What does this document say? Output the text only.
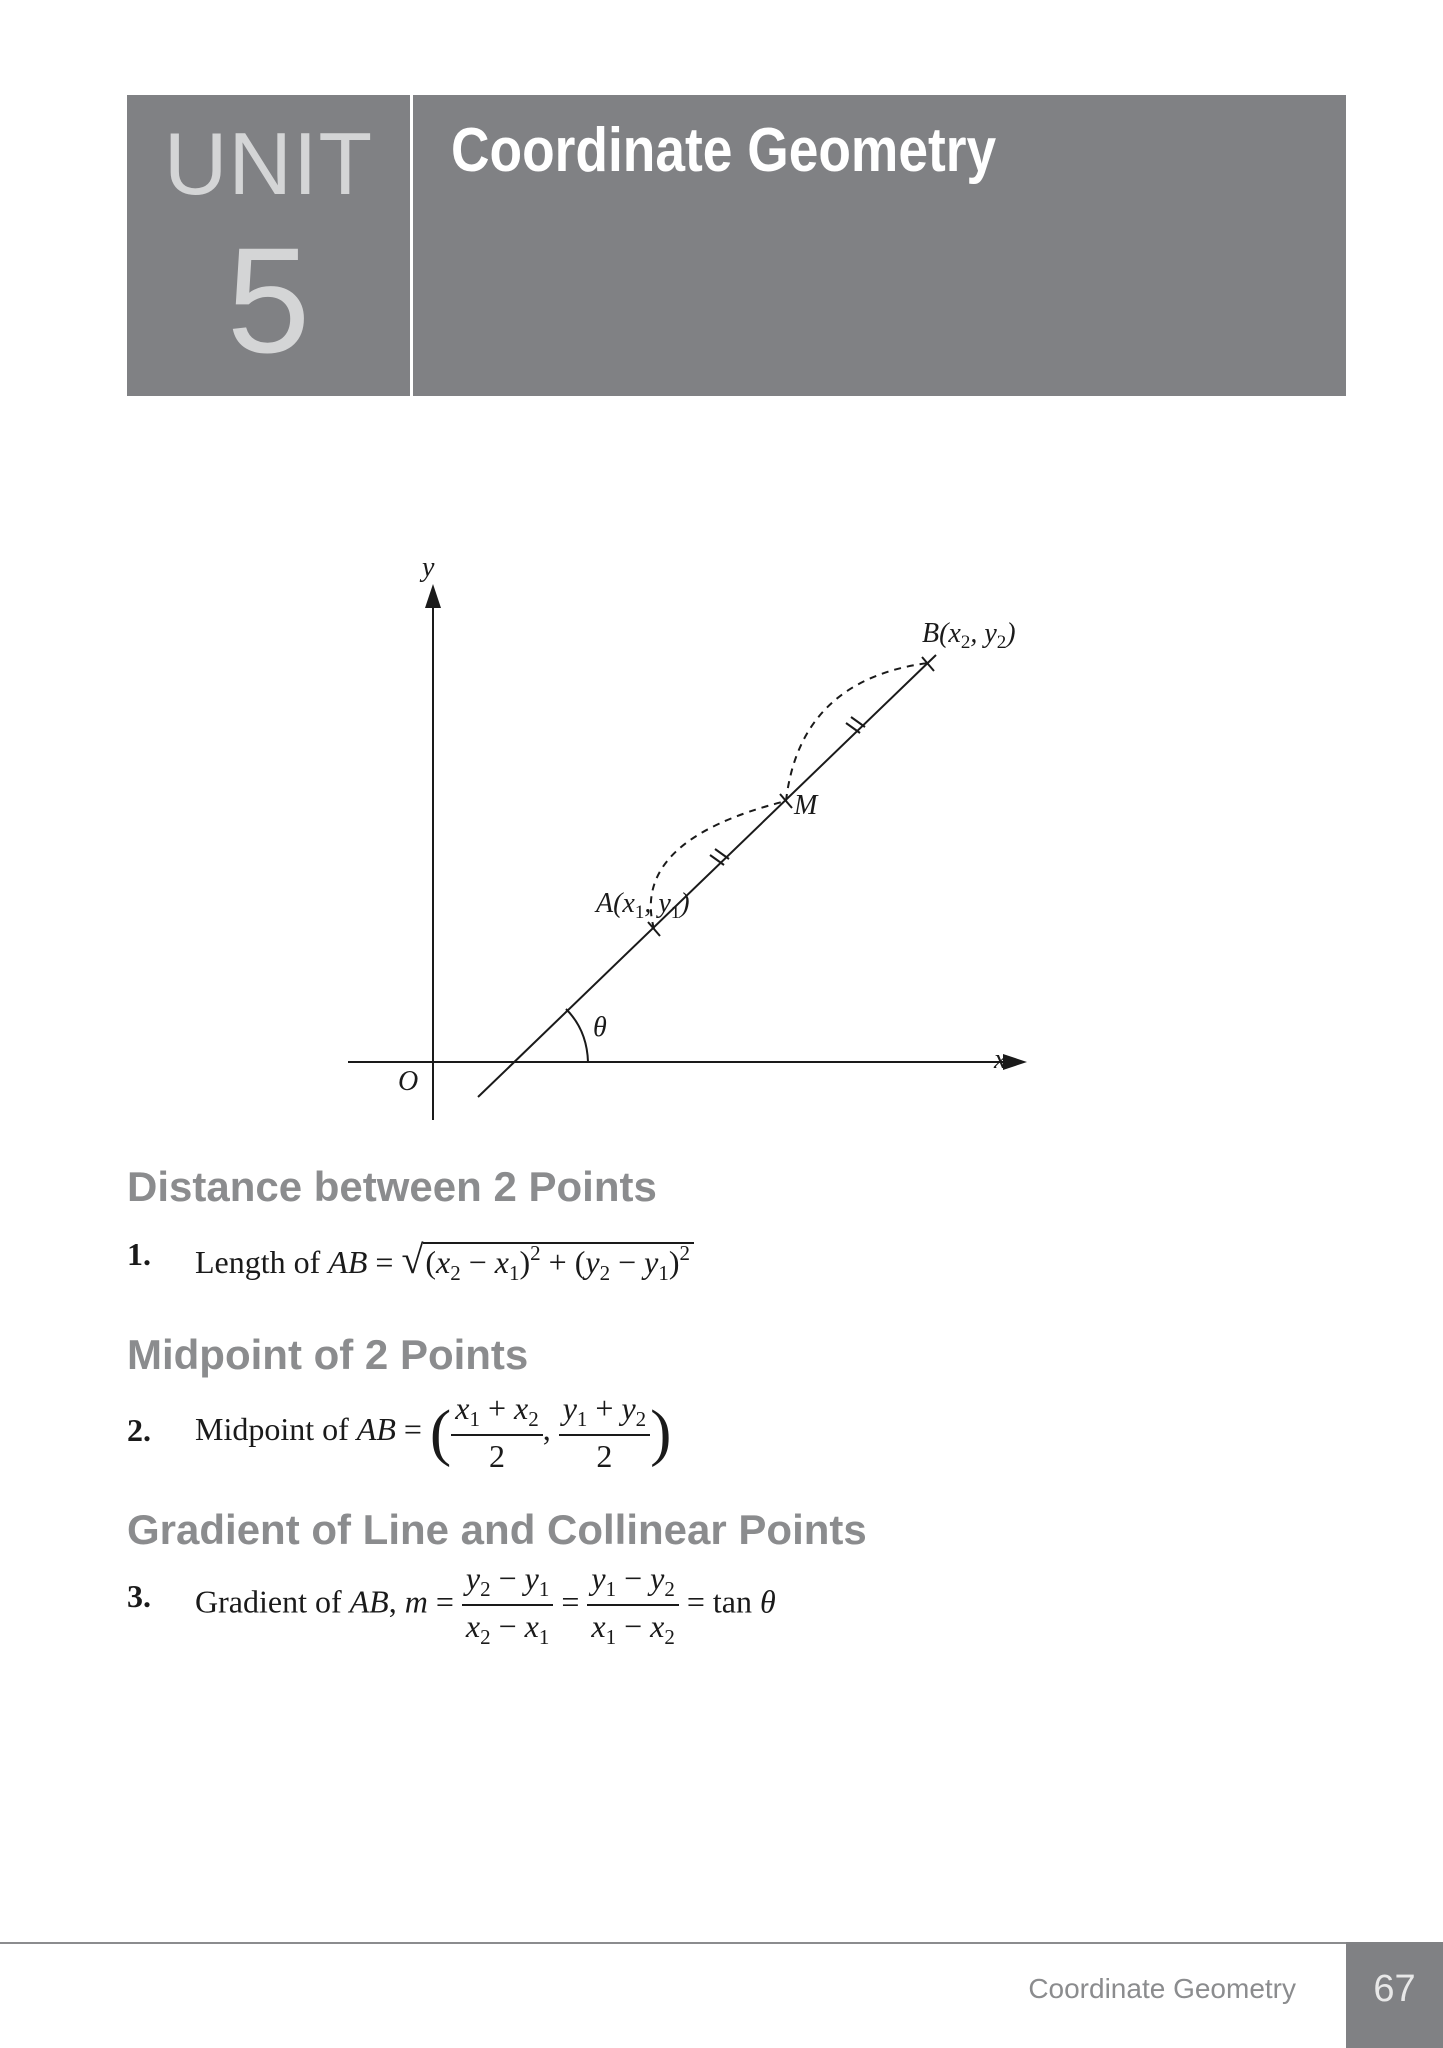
UNIT
5
Coordinate Geometry
y
x
O
$A(x_1$, $y_1$)
$B(x_2$, $y_2$)
M
θ
Distance between 2 Points
1. Length of AB = $√(x_2 - x_1)^2 + (y_2 - y_1)^2$
Midpoint of 2 Points
2. Midpoint of AB = ( $\frac{x_1 + x_2}{2}$ , $\frac{y_1 + y_2}{2}$ )
Gradient of Line and Collinear Points
3. Gradient of AB, $m = \frac{y_2 - y_1}{x_2 - x_1} = \frac{y_1 - y_2}{x_1 - x_2} = \tan \theta$
Coordinate Geometry	67
